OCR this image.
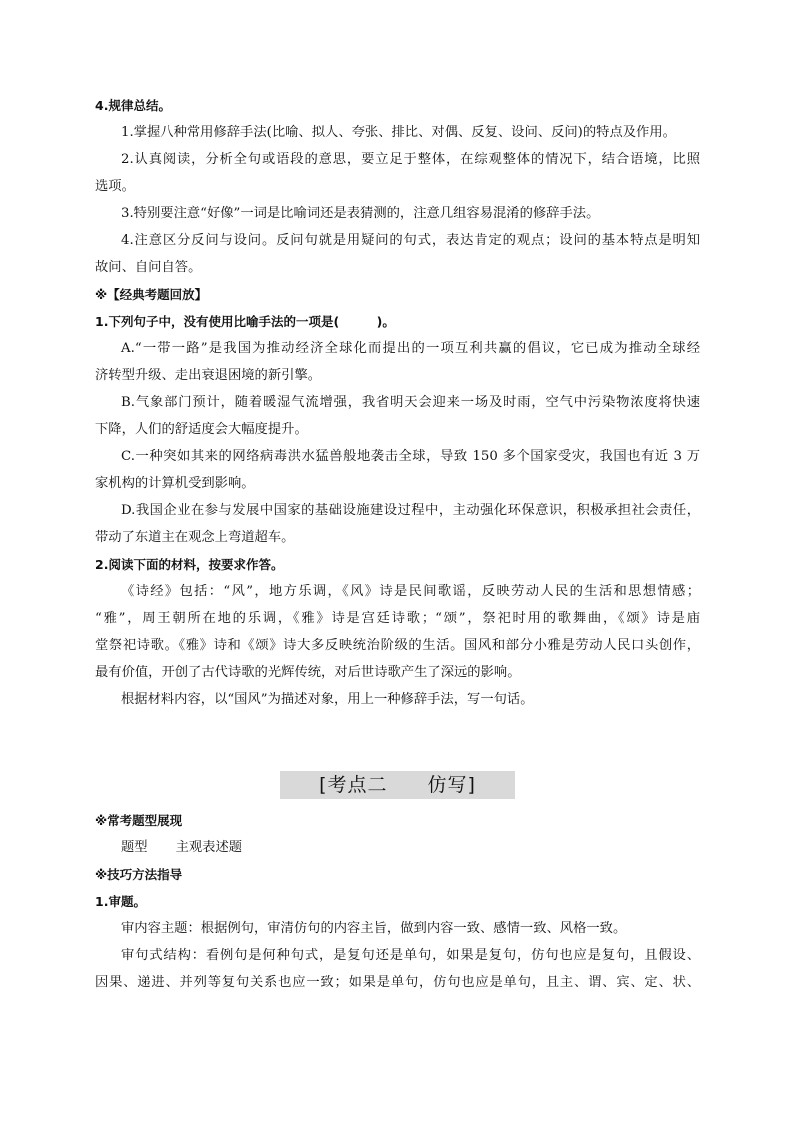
4.规律总结。
1.掌握八种常用修辞手法(比喻、拟人、夸张、排比、对偶、反复、设问、反问)的特点及作用。
2.认真阅读，分析全句或语段的意思，要立足于整体，在综观整体的情况下，结合语境，比照
选项。
3.特别要注意“好像”一词是比喻词还是表猜测的，注意几组容易混淆的修辞手法。
4.注意区分反问与设问。反问句就是用疑问的句式，表达肯定的观点；设问的基本特点是明知
故问、自问自答。
※【经典考题回放】
1.下列句子中，没有使用比喻手法的一项是(　　　)。
A.“一带一路”是我国为推动经济全球化而提出的一项互利共赢的倡议，它已成为推动全球经
济转型升级、走出衰退困境的新引擎。
B.气象部门预计，随着暖湿气流增强，我省明天会迎来一场及时雨，空气中污染物浓度将快速
下降，人们的舒适度会大幅度提升。
C.一种突如其来的网络病毒洪水猛兽般地袭击全球，导致 150 多个国家受灾，我国也有近 3 万
家机构的计算机受到影响。
D.我国企业在参与发展中国家的基础设施建设过程中，主动强化环保意识，积极承担社会责任，
带动了东道主在观念上弯道超车。
2.阅读下面的材料，按要求作答。
《诗经》包括：“风”，地方乐调，《风》诗是民间歌谣，反映劳动人民的生活和思想情感；
“雅”，周王朝所在地的乐调，《雅》诗是宫廷诗歌；“颂”，祭祀时用的歌舞曲，《颂》诗是庙
堂祭祀诗歌。《雅》诗和《颂》诗大多反映统治阶级的生活。国风和部分小雅是劳动人民口头创作，
最有价值，开创了古代诗歌的光辉传统，对后世诗歌产生了深远的影响。
根据材料内容，以“国风”为描述对象，用上一种修辞手法，写一句话。
[考点二　　仿写]
※常考题型展现
题型 主观表述题
※技巧方法指导
1.审题。
审内容主题：根据例句，审清仿句的内容主旨，做到内容一致、感情一致、风格一致。
审句式结构：看例句是何种句式，是复句还是单句，如果是复句，仿句也应是复句，且假设、
因果、递进、并列等复句关系也应一致；如果是单句，仿句也应是单句，且主、谓、宾、定、状、
